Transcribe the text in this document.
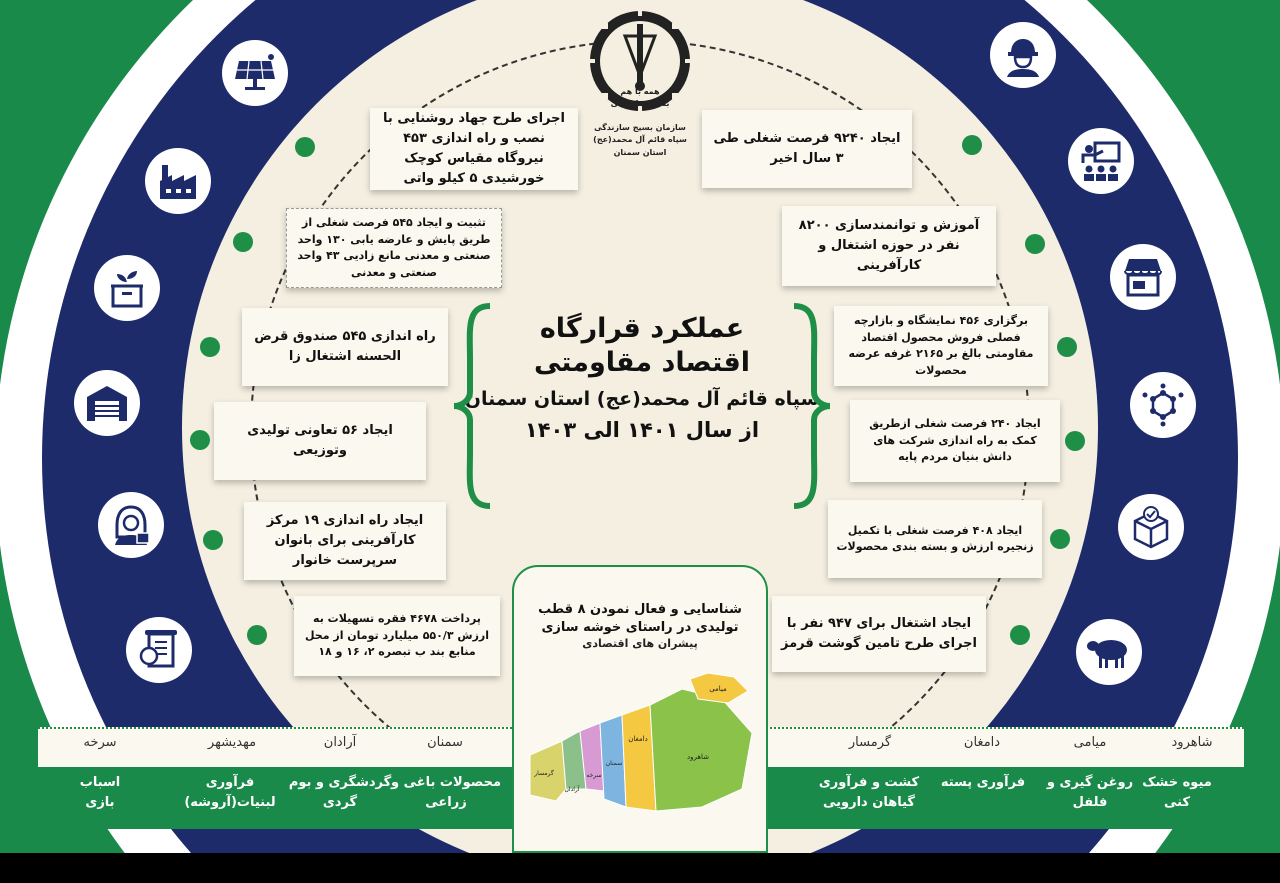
همه با هم
بسیج سازندگی
سازمان بسیج سازندگی
سپاه قائم آل محمد(عج)
استان سمنان
اجرای طرح جهاد روشنایی با نصب و راه اندازی ۴۵۳ نیروگاه مقیاس کوچک خورشیدی ۵ کیلو واتی
تثبیت و ایجاد ۵۴۵ فرصت شغلی از طریق پایش و عارضه یابی ۱۳۰ واحد صنعتی و معدنی مانع زادیی ۴۳ واحد صنعتی و معدنی
راه اندازی ۵۴۵ صندوق قرض الحسنه اشتغال زا
ایجاد ۵۶ تعاونی تولیدی وتوزیعی
ایجاد راه اندازی ۱۹ مرکز کارآفرینی برای بانوان سرپرست خانوار
پرداخت ۴۶۷۸ فقره تسهیلات به ارزش ۵۵۰/۳ میلیارد تومان از محل منابع بند ب تبصره ۲، ۱۶ و ۱۸
ایجاد ۹۲۴۰ فرصت شغلی طی ۳ سال اخیر
آموزش و توانمندسازی ۸۲۰۰ نفر در حوزه اشتغال و کارآفرینی
برگزاری ۴۵۶ نمایشگاه و بازارچه فصلی فروش محصول اقتصاد مقاومتی بالغ بر ۲۱۶۵ غرفه عرضه محصولات
ایجاد ۲۴۰ فرصت شغلی ازطریق کمک به راه اندازی شرکت های دانش بنیان مردم پایه
ایجاد ۴۰۸ فرصت شغلی با تکمیل زنجیره ارزش و بسته بندی محصولات
ایجاد اشتغال برای ۹۴۷ نفر با اجرای طرح تامین گوشت قرمز
عملکرد قرارگاه
اقتصاد مقاومتی
سپاه قائم آل محمد(عج) استان سمنان
از سال ۱۴۰۱ الی ۱۴۰۳
شاهرود
میامی
دامغان
گرمسار
سمنان
آرادان
مهدیشهر
سرخه
میوه خشک کنی
روغن گیری و فلفل
فرآوری پسته
کشت و فرآوری گیاهان دارویی
محصولات باغی و زراعی
گردشگری و بوم گردی
فرآوری لبنیات(آروشه)
اسباب بازی
شناسایی و فعال نمودن ۸ قطب تولیدی در راستای خوشه سازی
پیشران های اقتصادی
میامی
دامغان
شاهرود
سمنان
سرخه
آرادان
گرمسار
